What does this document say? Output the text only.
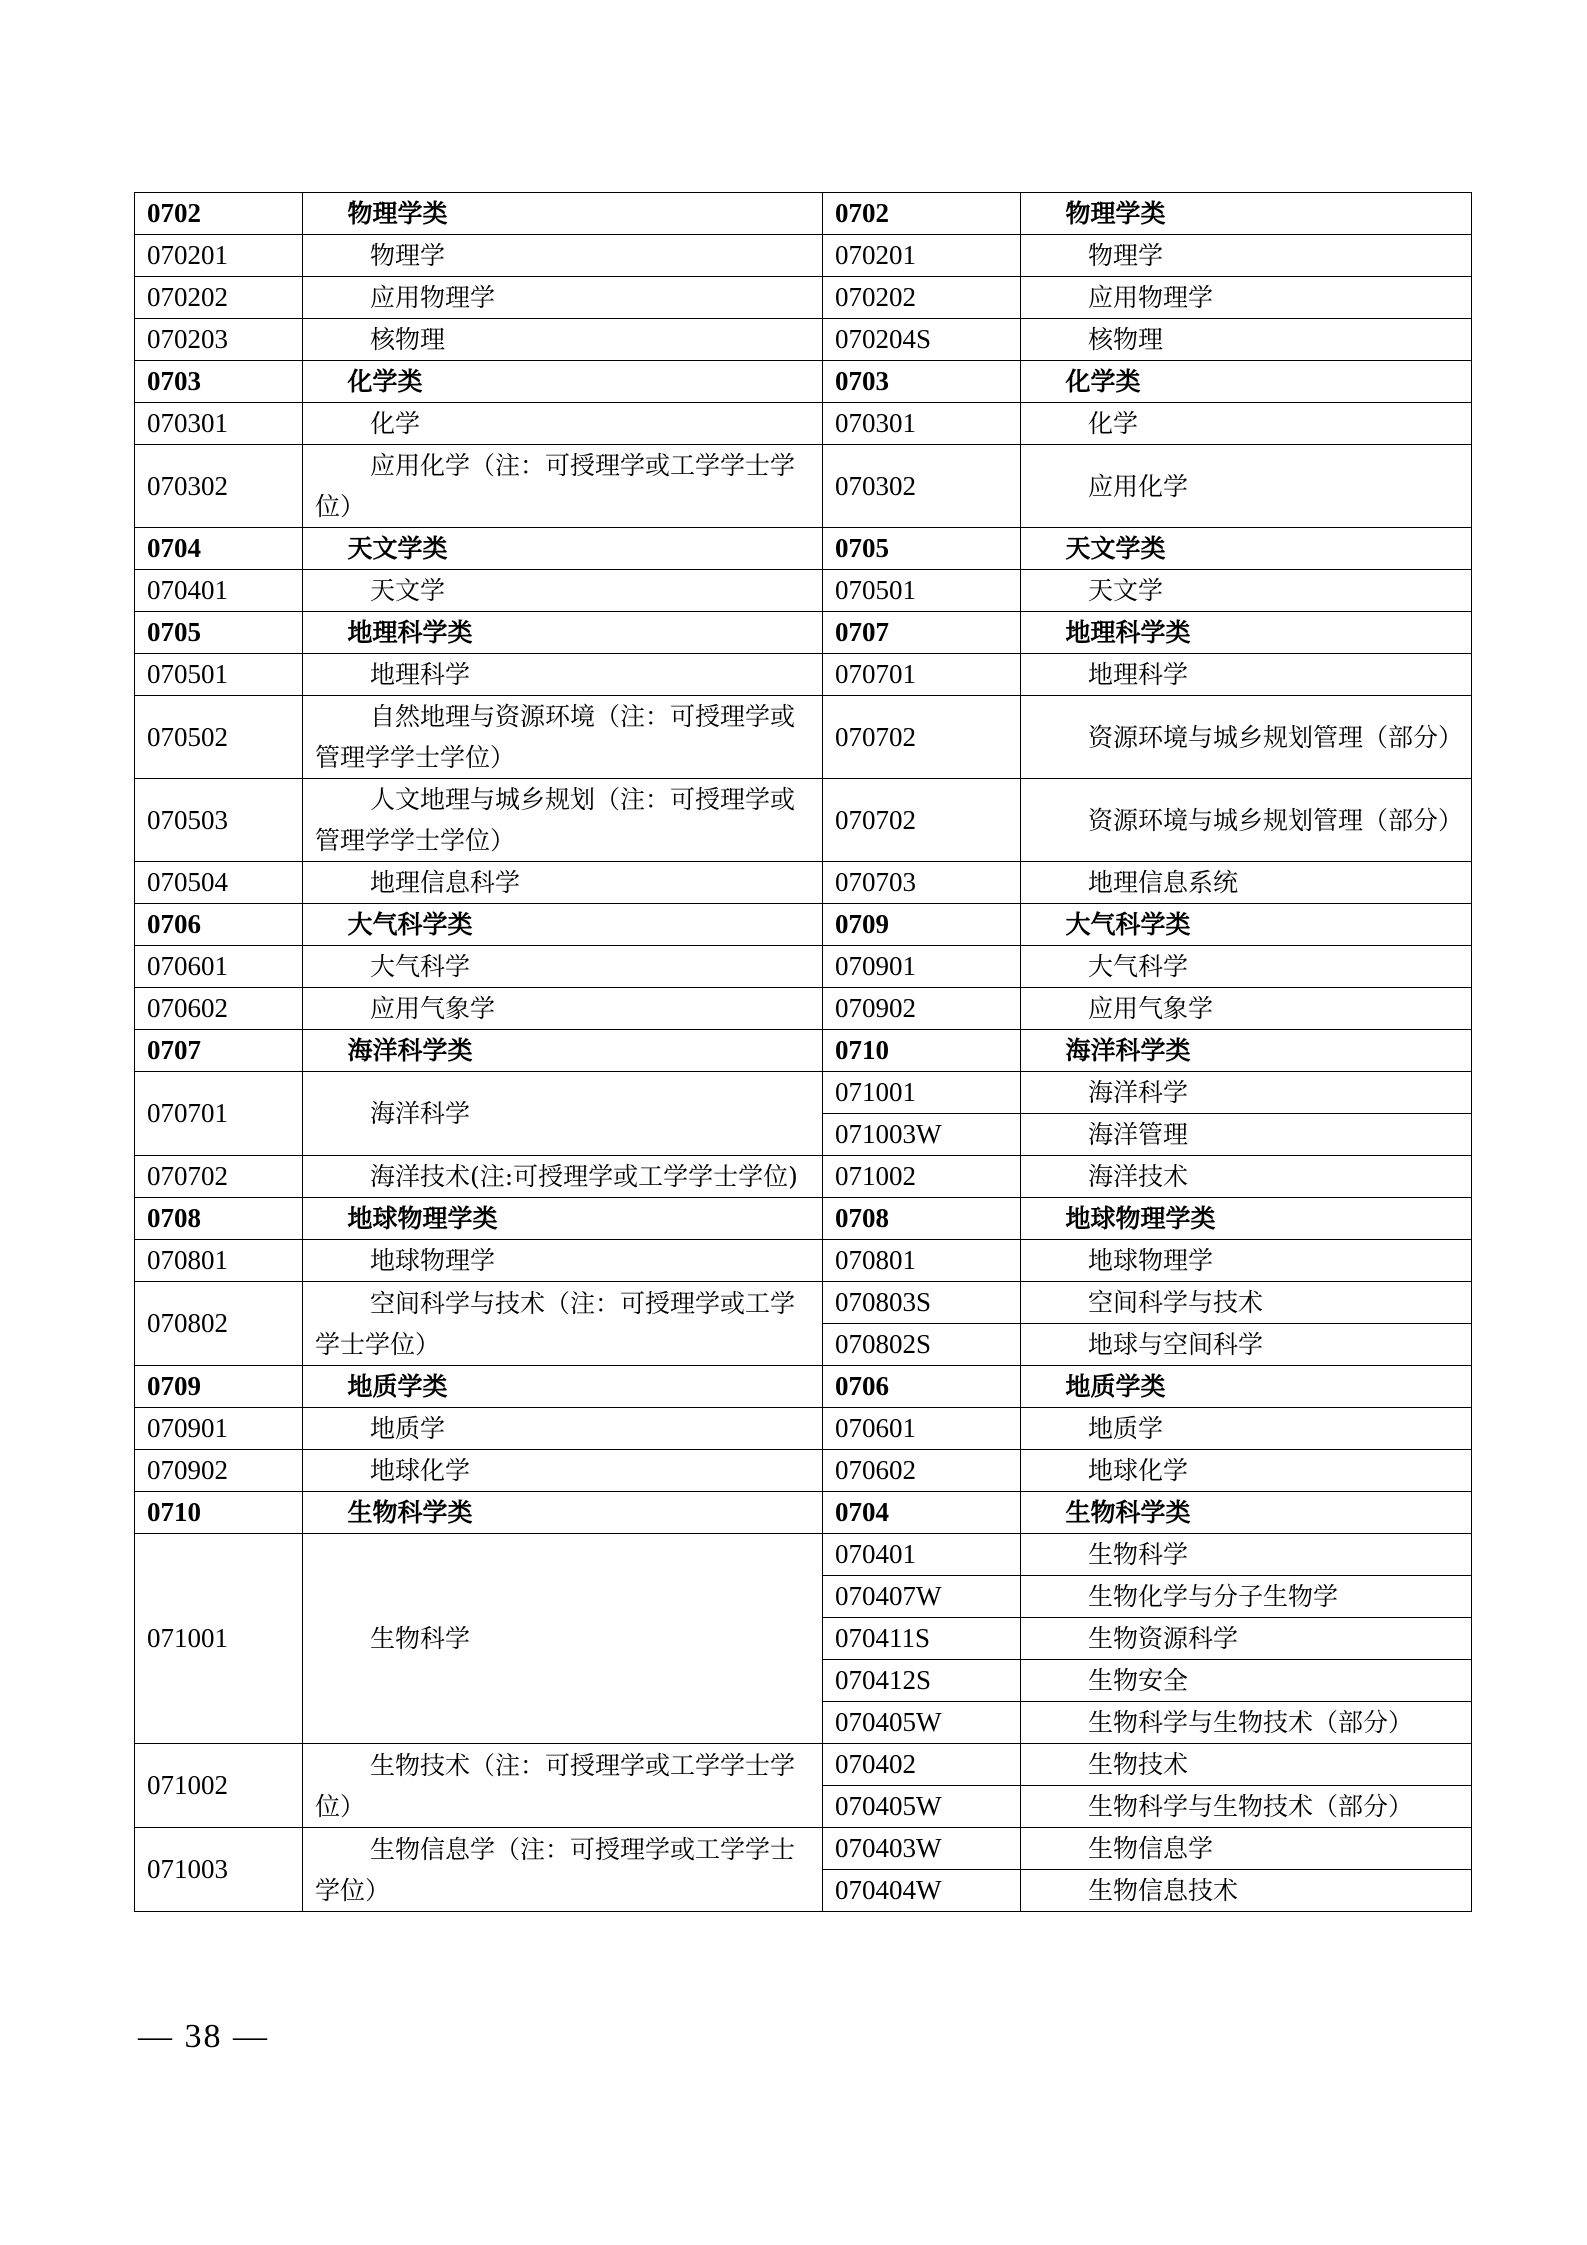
0702	物理学类	0702	物理学类
070201	物理学	070201	物理学
070202	应用物理学	070202	应用物理学
070203	核物理	070204S	核物理
0703	化学类	0703	化学类
070301	化学	070301	化学
070302	应用化学（注：可授理学或工学学士学位）	070302	应用化学
0704	天文学类	0705	天文学类
070401	天文学	070501	天文学
0705	地理科学类	0707	地理科学类
070501	地理科学	070701	地理科学
070502	自然地理与资源环境（注：可授理学或管理学学士学位）	070702	资源环境与城乡规划管理（部分）
070503	人文地理与城乡规划（注：可授理学或管理学学士学位）	070702	资源环境与城乡规划管理（部分）
070504	地理信息科学	070703	地理信息系统
0706	大气科学类	0709	大气科学类
070601	大气科学	070901	大气科学
070602	应用气象学	070902	应用气象学
0707	海洋科学类	0710	海洋科学类
070701	海洋科学	071001	海洋科学
		071003W	海洋管理
070702	海洋技术(注:可授理学或工学学士学位)	071002	海洋技术
0708	地球物理学类	0708	地球物理学类
070801	地球物理学	070801	地球物理学
070802	空间科学与技术（注：可授理学或工学学士学位）	070803S	空间科学与技术
		070802S	地球与空间科学
0709	地质学类	0706	地质学类
070901	地质学	070601	地质学
070902	地球化学	070602	地球化学
0710	生物科学类	0704	生物科学类
071001	生物科学	070401	生物科学
		070407W	生物化学与分子生物学
		070411S	生物资源科学
		070412S	生物安全
		070405W	生物科学与生物技术（部分）
071002	生物技术（注：可授理学或工学学士学位）	070402	生物技术
		070405W	生物科学与生物技术（部分）
071003	生物信息学（注：可授理学或工学学士学位）	070403W	生物信息学
		070404W	生物信息技术
— 38 —
